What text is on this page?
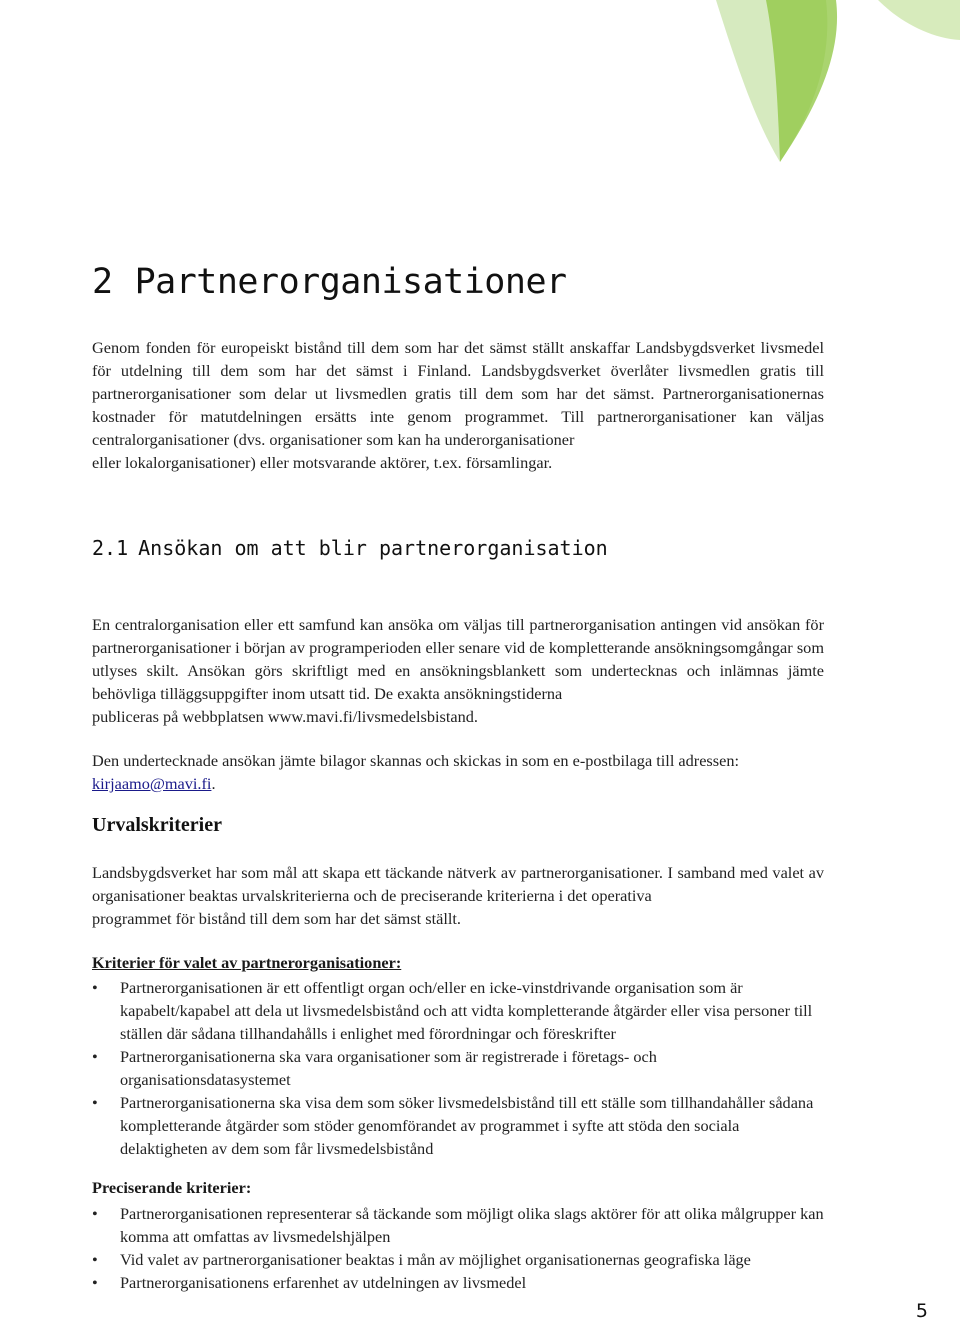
2 Partnerorganisationer

Genom fonden för europeiskt bistånd till dem som har det sämst ställt anskaffar Landsbygdsverket livsmedel för utdelning till dem som har det sämst i Finland. Landsbygdsverket överlåter livsmedlen gratis till partnerorganisationer som delar ut livsmedlen gratis till dem som har det sämst. Partnerorganisationernas kostnader för matutdelningen ersätts inte genom programmet. Till partnerorganisationer kan väljas centralorganisationer (dvs. organisationer som kan ha underorganisationer
eller lokalorganisationer) eller motsvarande aktörer, t.ex. församlingar.

2.1 Ansökan om att blir partnerorganisation

En centralorganisation eller ett samfund kan ansöka om väljas till partnerorganisation antingen vid ansökan för partnerorganisationer i början av programperioden eller senare vid de kompletterande ansökningsomgångar som utlyses skilt. Ansökan görs skriftligt med en ansökningsblankett som undertecknas och inlämnas jämte behövliga tilläggsuppgifter inom utsatt tid. De exakta ansökningstiderna
publiceras på webbplatsen www.mavi.fi/livsmedelsbistand.

Den undertecknade ansökan jämte bilagor skannas och skickas in som en e-postbilaga till adressen:
kirjaamo@mavi.fi.

Urvalskriterier

Landsbygdsverket har som mål att skapa ett täckande nätverk av partnerorganisationer. I samband med valet av organisationer beaktas urvalskriterierna och de preciserande kriterierna i det operativa
programmet för bistånd till dem som har det sämst ställt.

Kriterier för valet av partnerorganisationer:

• Partnerorganisationen är ett offentligt organ och/eller en icke-vinstdrivande organisation som är kapabelt/kapabel att dela ut livsmedelsbistånd och att vidta kompletterande åtgärder eller visa personer till ställen där sådana tillhandahålls i enlighet med förordningar och föreskrifter
• Partnerorganisationerna ska vara organisationer som är registrerade i företags- och organisationsdatasystemet
• Partnerorganisationerna ska visa dem som söker livsmedelsbistånd till ett ställe som tillhandahåller sådana kompletterande åtgärder som stöder genomförandet av programmet i syfte att stöda den sociala delaktigheten av dem som får livsmedelsbistånd

Preciserande kriterier:

• Partnerorganisationen representerar så täckande som möjligt olika slags aktörer för att olika målgrupper kan komma att omfattas av livsmedelshjälpen
• Vid valet av partnerorganisationer beaktas i mån av möjlighet organisationernas geografiska läge
• Partnerorganisationens erfarenhet av utdelningen av livsmedel
5
